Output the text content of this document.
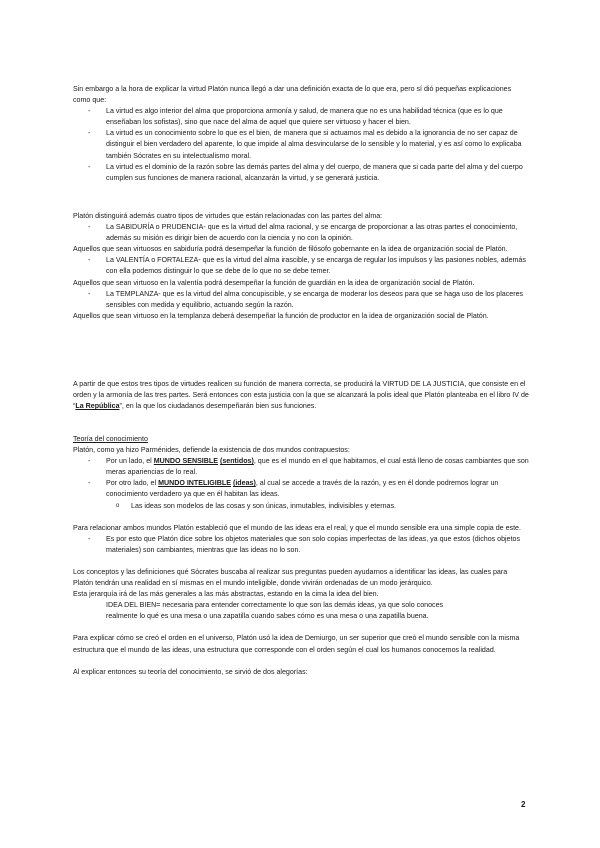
Sin embargo a la hora de explicar la virtud Platón nunca llegó a dar una definición exacta de lo que era, pero sí dió pequeñas explicaciones como que:

- La virtud es algo interior del alma que proporciona armonía y salud, de manera que no es una habilidad técnica (que es lo que enseñaban los sofistas), sino que nace del alma de aquel que quiere ser virtuoso y hacer el bien.
- La virtud es un conocimiento sobre lo que es el bien, de manera que si actuamos mal es debido a la ignorancia de no ser capaz de distinguir el bien verdadero del aparente, lo que impide al alma desvincularse de lo sensible y lo material, y es así como lo explicaba también Sócrates en su intelectualismo moral.
- La virtud es el dominio de la razón sobre las demás partes del alma y del cuerpo, de manera que si cada parte del alma y del cuerpo cumplen sus funciones de manera racional, alcanzarán la virtud, y se generará justicia.

Platón distinguirá además cuatro tipos de virtudes que están relacionadas con las partes del alma:

- La SABIDURÍA o PRUDENCIA- que es la virtud del alma racional, y se encarga de proporcionar a las otras partes el conocimiento, además su misión es dirigir bien de acuerdo con la ciencia y no con la opinión.

Aquellos que sean virtuosos en sabiduría podrá desempeñar la función de filósofo gobernante en la idea de organización social de Platón.

- La VALENTÍA o FORTALEZA- que es la virtud del alma irascible, y se encarga de regular los impulsos y las pasiones nobles, además con ella podemos distinguir lo que se debe de lo que no se debe temer.

Aquellos que sean virtuoso en la valentía podrá desempeñar la función de guardián en la idea de organización social de Platón.

- La TEMPLANZA- que es la virtud del alma concupiscible, y se encarga de moderar los deseos para que se haga uso de los placeres sensibles con medida y equilibrio, actuando según la razón.

Aquellos que sean virtuoso en la templanza deberá desempeñar la función de productor en la idea de organización social de Platón.

A partir de que estos tres tipos de virtudes realicen su función de manera correcta, se producirá la VIRTUD DE LA JUSTICIA, que consiste en el orden y la armonía de las tres partes. Será entonces con esta justicia con la que se alcanzará la polis ideal que Platón planteaba en el libro IV de “La República”, en la que los ciudadanos desempeñarán bien sus funciones.

Teoría del conocimiento

Platón, como ya hizo Parménides, defiende la existencia de dos mundos contrapuestos:

- Por un lado, el MUNDO SENSIBLE (sentidos), que es el mundo en el que habitamos, el cual está lleno de cosas cambiantes que son meras apariencias de lo real.
- Por otro lado, el MUNDO INTELIGIBLE (ideas), al cual se accede a través de la razón, y es en él donde podremos lograr un conocimiento verdadero ya que en él habitan las ideas.
o Las ideas son modelos de las cosas y son únicas, inmutables, indivisibles y eternas.

Para relacionar ambos mundos Platón estableció que el mundo de las ideas era el real, y que el mundo sensible era una simple copia de este.

- Es por esto que Platón dice sobre los objetos materiales que son solo copias imperfectas de las ideas, ya que estos (dichos objetos materiales) son cambiantes, mientras que las ideas no lo son.

Los conceptos y las definiciones qué Sócrates buscaba al realizar sus preguntas pueden ayudarnos a identificar las ideas, las cuales para Platón tendrán una realidad en sí mismas en el mundo inteligible, donde vivirán ordenadas de un modo jerárquico.

Esta jerarquía irá de las más generales a las más abstractas, estando en la cima la idea del bien.

IDEA DEL BIEN= necesaria para entender correctamente lo que son las demás ideas, ya que solo conoces

realmente lo qué es una mesa o una zapatilla cuando sabes cómo es una mesa o una zapatilla buena.

Para explicar cómo se creó el orden en el universo, Platón usó la idea de Demiurgo, un ser superior que creó el mundo sensible con la misma estructura que el mundo de las ideas, una estructura que corresponde con el orden según el cual los humanos conocemos la realidad.

Al explicar entonces su teoría del conocimiento, se sirvió de dos alegorías:

2
